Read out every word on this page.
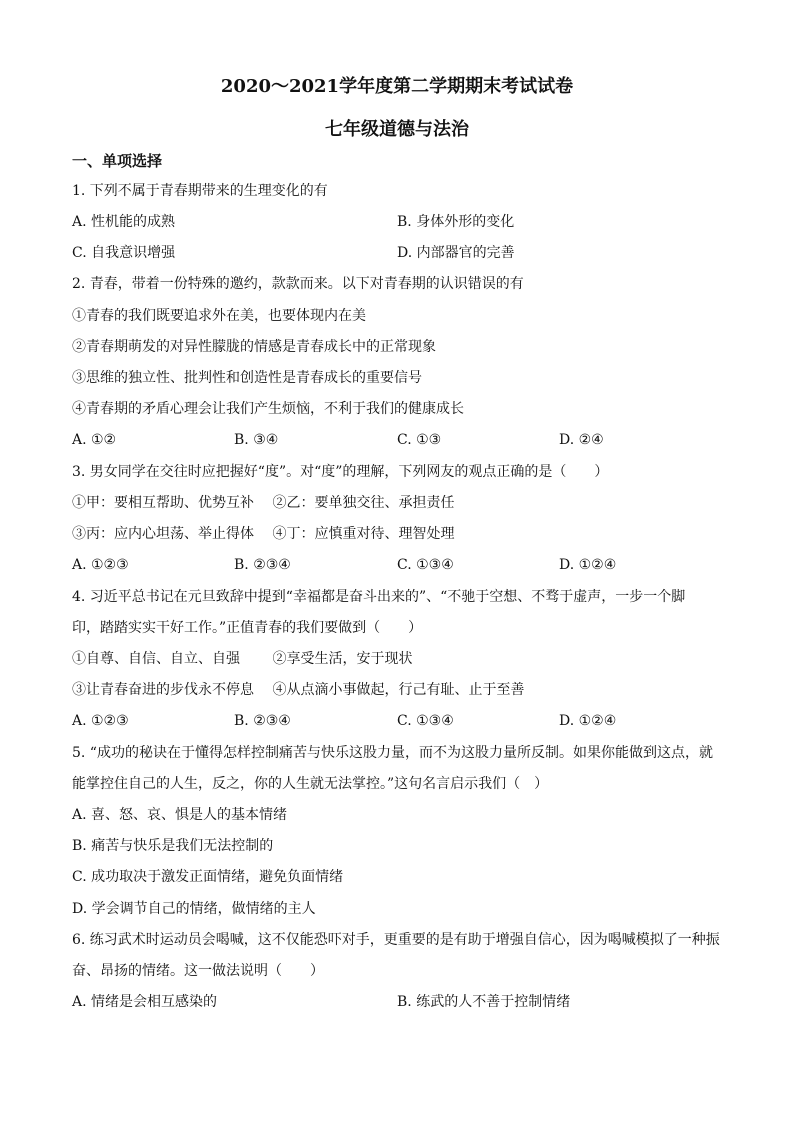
2020～2021学年度第二学期期末考试试卷
七年级道德与法治
一、单项选择
1. 下列不属于青春期带来的生理变化的有
A. 性机能的成熟	B. 身体外形的变化
C. 自我意识增强	D. 内部器官的完善
2. 青春，带着一份特殊的邀约，款款而来。以下对青春期的认识错误的有
①青春的我们既要追求外在美，也要体现内在美
②青春期萌发的对异性朦胧的情感是青春成长中的正常现象
③思维的独立性、批判性和创造性是青春成长的重要信号
④青春期的矛盾心理会让我们产生烦恼，不利于我们的健康成长
A. ①②	B. ③④	C. ①③	D. ②④
3. 男女同学在交往时应把握好“度”。对“度”的理解，下列网友的观点正确的是（　　）
①甲：要相互帮助、优势互补　 ②乙：要单独交往、承担责任
③丙：应内心坦荡、举止得体　 ④丁：应慎重对待、理智处理
A. ①②③	B. ②③④	C. ①③④	D. ①②④
4. 习近平总书记在元旦致辞中提到“幸福都是奋斗出来的”、“不驰于空想、不骛于虚声，一步一个脚
印，踏踏实实干好工作。”正值青春的我们要做到（　　）
①自尊、自信、自立、自强　　 ②享受生活，安于现状
③让青春奋进的步伐永不停息　 ④从点滴小事做起，行己有耻、止于至善
A. ①②③	B. ②③④	C. ①③④	D. ①②④
5. “成功的秘诀在于懂得怎样控制痛苦与快乐这股力量，而不为这股力量所反制。如果你能做到这点，就
能掌控住自己的人生，反之，你的人生就无法掌控。”这句名言启示我们（　）
A. 喜、怒、哀、惧是人的基本情绪
B. 痛苦与快乐是我们无法控制的
C. 成功取决于激发正面情绪，避免负面情绪
D. 学会调节自己的情绪，做情绪的主人
6. 练习武术时运动员会喝喊，这不仅能恐吓对手，更重要的是有助于增强自信心，因为喝喊模拟了一种振
奋、昂扬的情绪。这一做法说明（　　）
A. 情绪是会相互感染的	B. 练武的人不善于控制情绪
